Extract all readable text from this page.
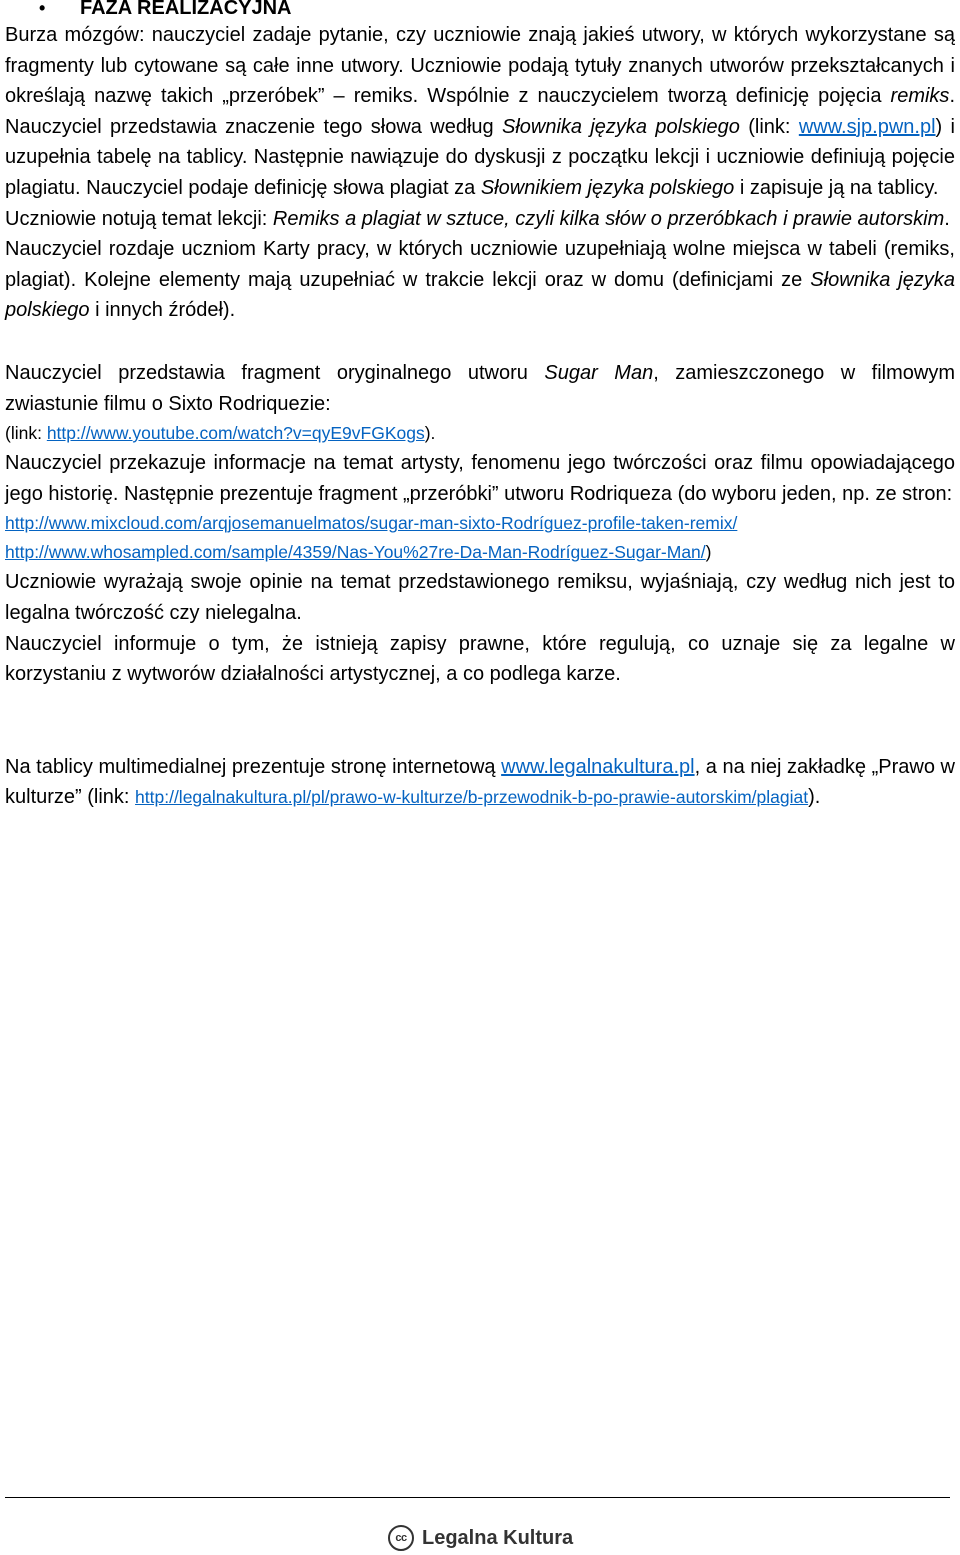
• FAZA REALIZACYJNA

Burza mózgów: nauczyciel zadaje pytanie, czy uczniowie znają jakieś utwory, w których wykorzystane są fragmenty lub cytowane są całe inne utwory. Uczniowie podają tytuły znanych utworów przekształcanych i określają nazwę takich „przeróbek” – remiks. Wspólnie z nauczycielem tworzą definicję pojęcia remiks. Nauczyciel przedstawia znaczenie tego słowa według Słownika języka polskiego (link: www.sjp.pwn.pl) i uzupełnia tabelę na tablicy. Następnie nawiązuje do dyskusji z początku lekcji i uczniowie definiują pojęcie plagiatu. Nauczyciel podaje definicję słowa plagiat za Słownikiem języka polskiego i zapisuje ją na tablicy.

Uczniowie notują temat lekcji: Remiks a plagiat w sztuce, czyli kilka słów o przeróbkach i prawie autorskim.

Nauczyciel rozdaje uczniom Karty pracy, w których uczniowie uzupełniają wolne miejsca w tabeli (remiks, plagiat). Kolejne elementy mają uzupełniać w trakcie lekcji oraz w domu (definicjami ze Słownika języka polskiego i innych źródeł).

Nauczyciel przedstawia fragment oryginalnego utworu Sugar Man, zamieszczonego w filmowym zwiastunie filmu o Sixto Rodriquezie:

(link: http://www.youtube.com/watch?v=qyE9vFGKogs).

Nauczyciel przekazuje informacje na temat artysty, fenomenu jego twórczości oraz filmu opowiadającego jego historię. Następnie prezentuje fragment „przeróbki” utworu Rodriqueza (do wyboru jeden, np. ze stron:

http://www.mixcloud.com/arqjosemanuelmatos/sugar-man-sixto-Rodríguez-profile-taken-remix/

http://www.whosampled.com/sample/4359/Nas-You%27re-Da-Man-Rodríguez-Sugar-Man/)

Uczniowie wyrażają swoje opinie na temat przedstawionego remiksu, wyjaśniają, czy według nich jest to legalna twórczość czy nielegalna.

Nauczyciel informuje o tym, że istnieją zapisy prawne, które regulują, co uznaje się za legalne w korzystaniu z wytworów działalności artystycznej, a co podlega karze.

Na tablicy multimedialnej prezentuje stronę internetową www.legalnakultura.pl, a na niej zakładkę „Prawo w kulturze” (link: http://legalnakultura.pl/pl/prawo-w-kulturze/b-przewodnik-b-po-prawie-autorskim/plagiat).

cc Legalna Kultura
